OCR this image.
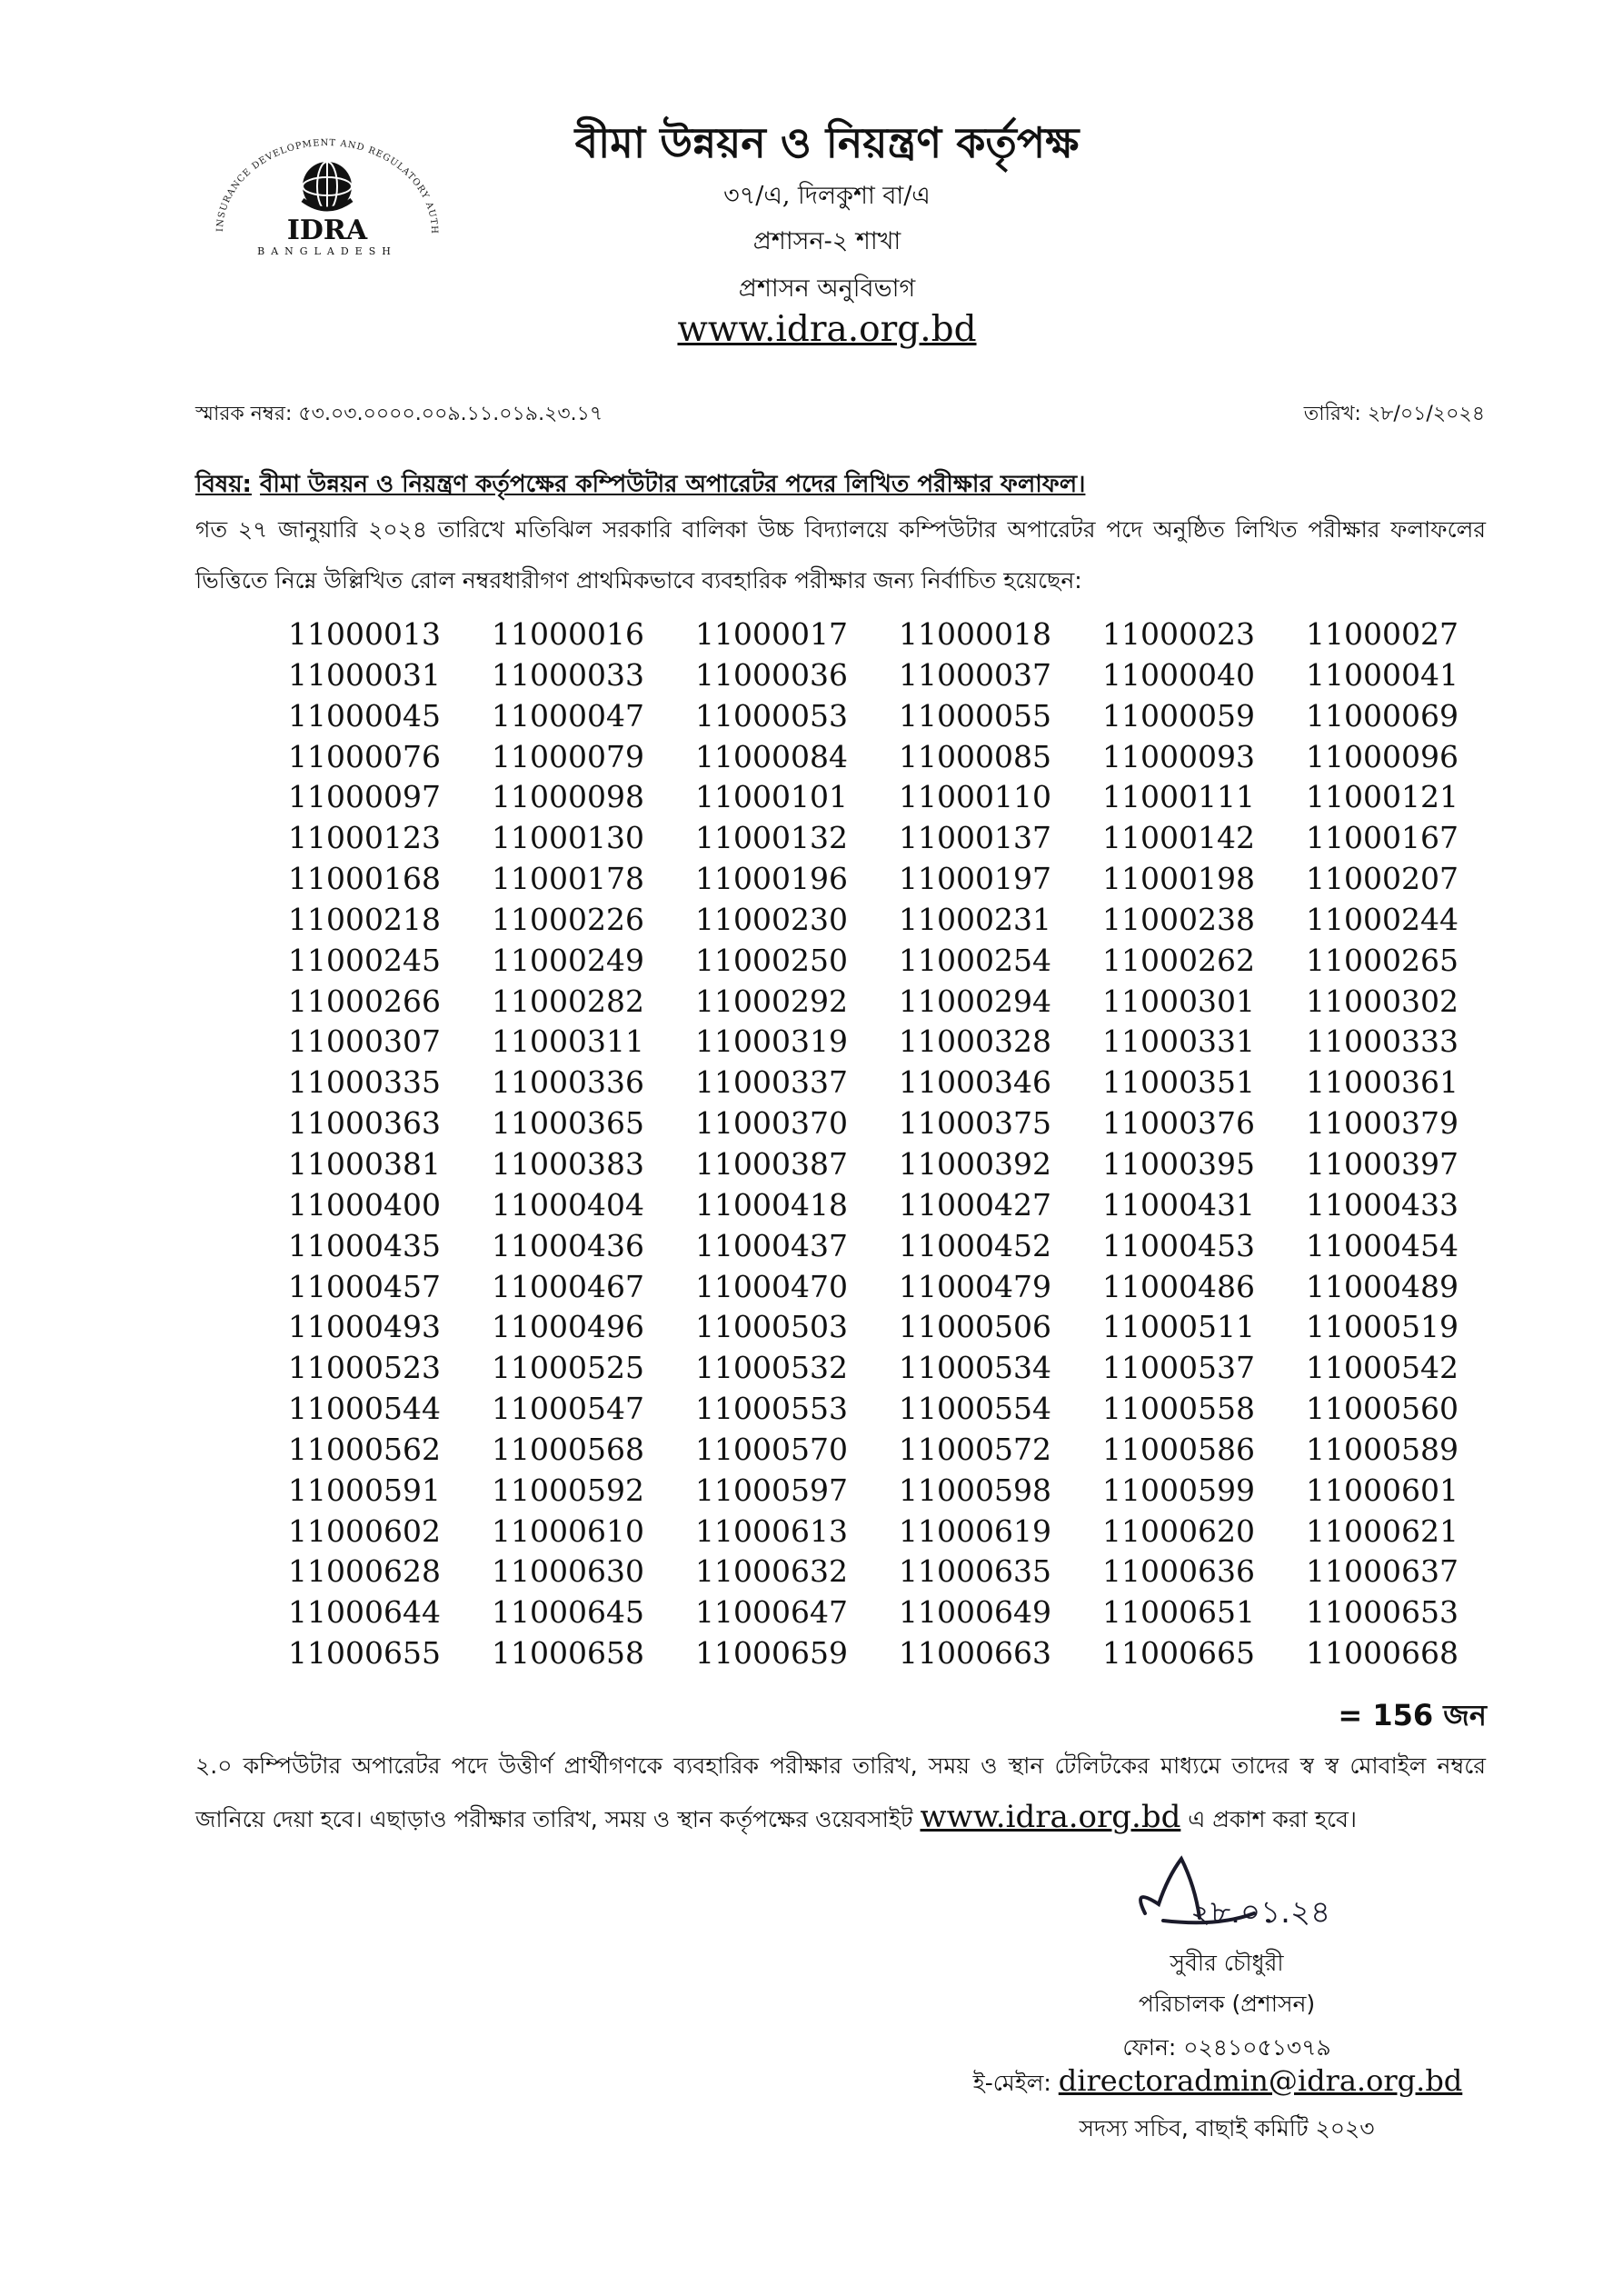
INSURANCE DEVELOPMENT AND REGULATORY AUTH
IDRA
BANGLADESH
বীমা উন্নয়ন ও নিয়ন্ত্রণ কর্তৃপক্ষ
৩৭/এ, দিলকুশা বা/এ
প্রশাসন-২ শাখা
প্রশাসন অনুবিভাগ
www.idra.org.bd
স্মারক নম্বর: ৫৩.০৩.০০০০.০০৯.১১.০১৯.২৩.১৭	তারিখ: ২৮/০১/২০২৪
বিষয়: বীমা উন্নয়ন ও নিয়ন্ত্রণ কর্তৃপক্ষের কম্পিউটার অপারেটর পদের লিখিত পরীক্ষার ফলাফল।
গত ২৭ জানুয়ারি ২০২৪ তারিখে মতিঝিল সরকারি বালিকা উচ্চ বিদ্যালয়ে কম্পিউটার অপারেটর পদে অনুষ্ঠিত লিখিত পরীক্ষার ফলাফলের ভিত্তিতে নিম্নে উল্লিখিত রোল নম্বরধারীগণ প্রাথমিকভাবে ব্যবহারিক পরীক্ষার জন্য নির্বাচিত হয়েছেন:
11000013	11000016	11000017	11000018	11000023	11000027
11000031	11000033	11000036	11000037	11000040	11000041
11000045	11000047	11000053	11000055	11000059	11000069
11000076	11000079	11000084	11000085	11000093	11000096
11000097	11000098	11000101	11000110	11000111	11000121
11000123	11000130	11000132	11000137	11000142	11000167
11000168	11000178	11000196	11000197	11000198	11000207
11000218	11000226	11000230	11000231	11000238	11000244
11000245	11000249	11000250	11000254	11000262	11000265
11000266	11000282	11000292	11000294	11000301	11000302
11000307	11000311	11000319	11000328	11000331	11000333
11000335	11000336	11000337	11000346	11000351	11000361
11000363	11000365	11000370	11000375	11000376	11000379
11000381	11000383	11000387	11000392	11000395	11000397
11000400	11000404	11000418	11000427	11000431	11000433
11000435	11000436	11000437	11000452	11000453	11000454
11000457	11000467	11000470	11000479	11000486	11000489
11000493	11000496	11000503	11000506	11000511	11000519
11000523	11000525	11000532	11000534	11000537	11000542
11000544	11000547	11000553	11000554	11000558	11000560
11000562	11000568	11000570	11000572	11000586	11000589
11000591	11000592	11000597	11000598	11000599	11000601
11000602	11000610	11000613	11000619	11000620	11000621
11000628	11000630	11000632	11000635	11000636	11000637
11000644	11000645	11000647	11000649	11000651	11000653
11000655	11000658	11000659	11000663	11000665	11000668
= 156 জন
২.০ কম্পিউটার অপারেটর পদে উত্তীর্ণ প্রার্থীগণকে ব্যবহারিক পরীক্ষার তারিখ, সময় ও স্থান টেলিটকের মাধ্যমে তাদের স্ব স্ব মোবাইল নম্বরে জানিয়ে দেয়া হবে। এছাড়াও পরীক্ষার তারিখ, সময় ও স্থান কর্তৃপক্ষের ওয়েবসাইট www.idra.org.bd এ প্রকাশ করা হবে।
২৮.০১.২৪
সুবীর চৌধুরী
পরিচালক (প্রশাসন)
ফোন: ০২৪১০৫১৩৭৯
ই-মেইল: directoradmin@idra.org.bd
সদস্য সচিব, বাছাই কমিটি ২০২৩
